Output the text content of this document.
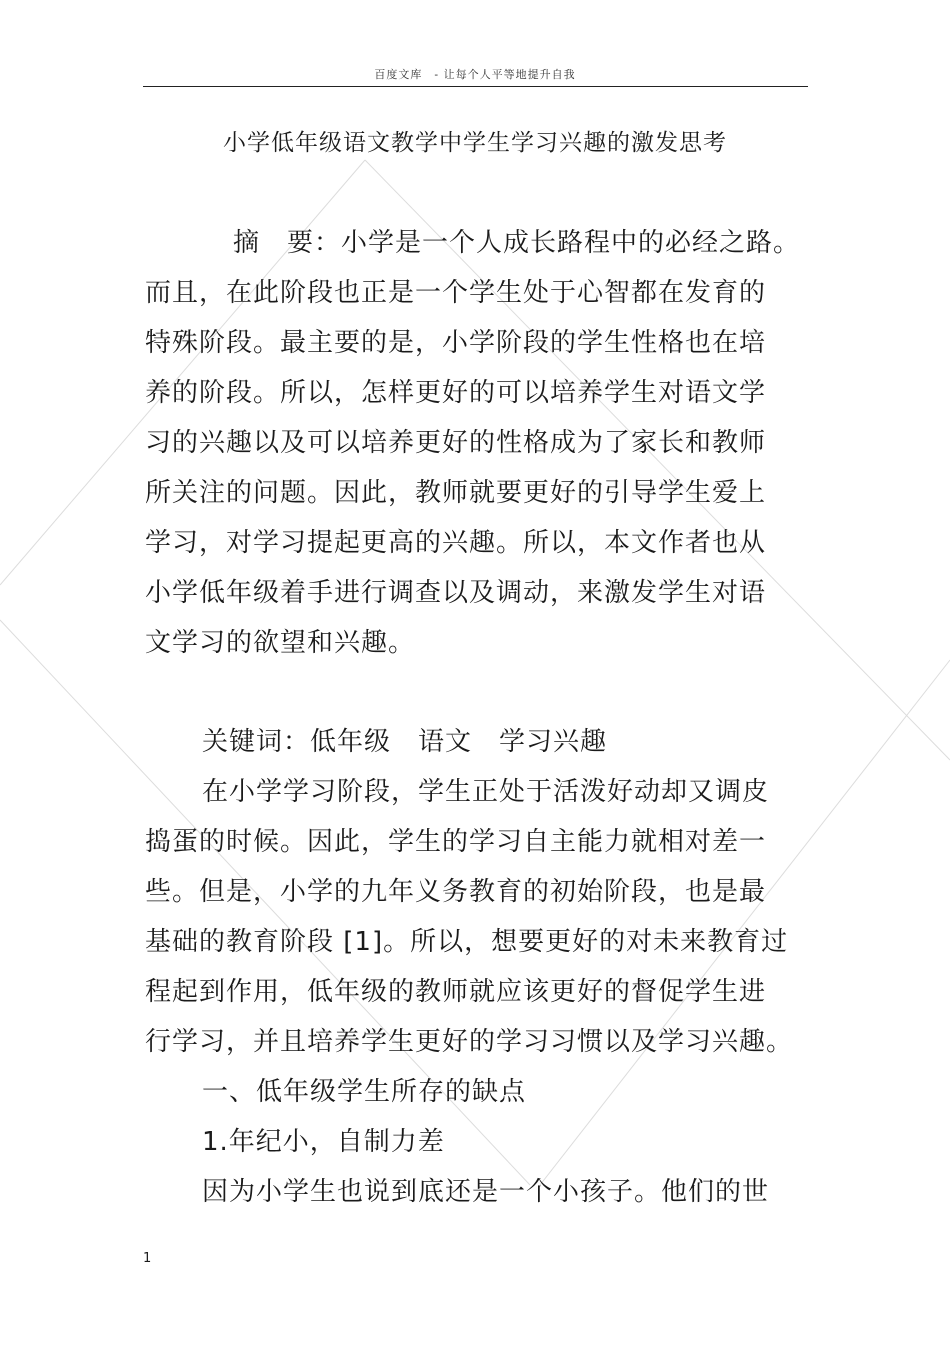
百度文库　- 让每个人平等地提升自我
小学低年级语文教学中学生学习兴趣的激发思考
摘　要：小学是一个人成长路程中的必经之路。
而且，在此阶段也正是一个学生处于心智都在发育的
特殊阶段。最主要的是，小学阶段的学生性格也在培
养的阶段。所以，怎样更好的可以培养学生对语文学
习的兴趣以及可以培养更好的性格成为了家长和教师
所关注的问题。因此，教师就要更好的引导学生爱上
学习，对学习提起更高的兴趣。所以，本文作者也从
小学低年级着手进行调查以及调动，来激发学生对语
文学习的欲望和兴趣。
关键词：低年级　语文　学习兴趣
在小学学习阶段，学生正处于活泼好动却又调皮
捣蛋的时候。因此，学生的学习自主能力就相对差一
些。但是，小学的九年义务教育的初始阶段，也是最
基础的教育阶段 [1]。所以，想要更好的对未来教育过
程起到作用，低年级的教师就应该更好的督促学生进
行学习，并且培养学生更好的学习习惯以及学习兴趣。
一、低年级学生所存的缺点
1.年纪小，自制力差
因为小学生也说到底还是一个小孩子。他们的世
1
